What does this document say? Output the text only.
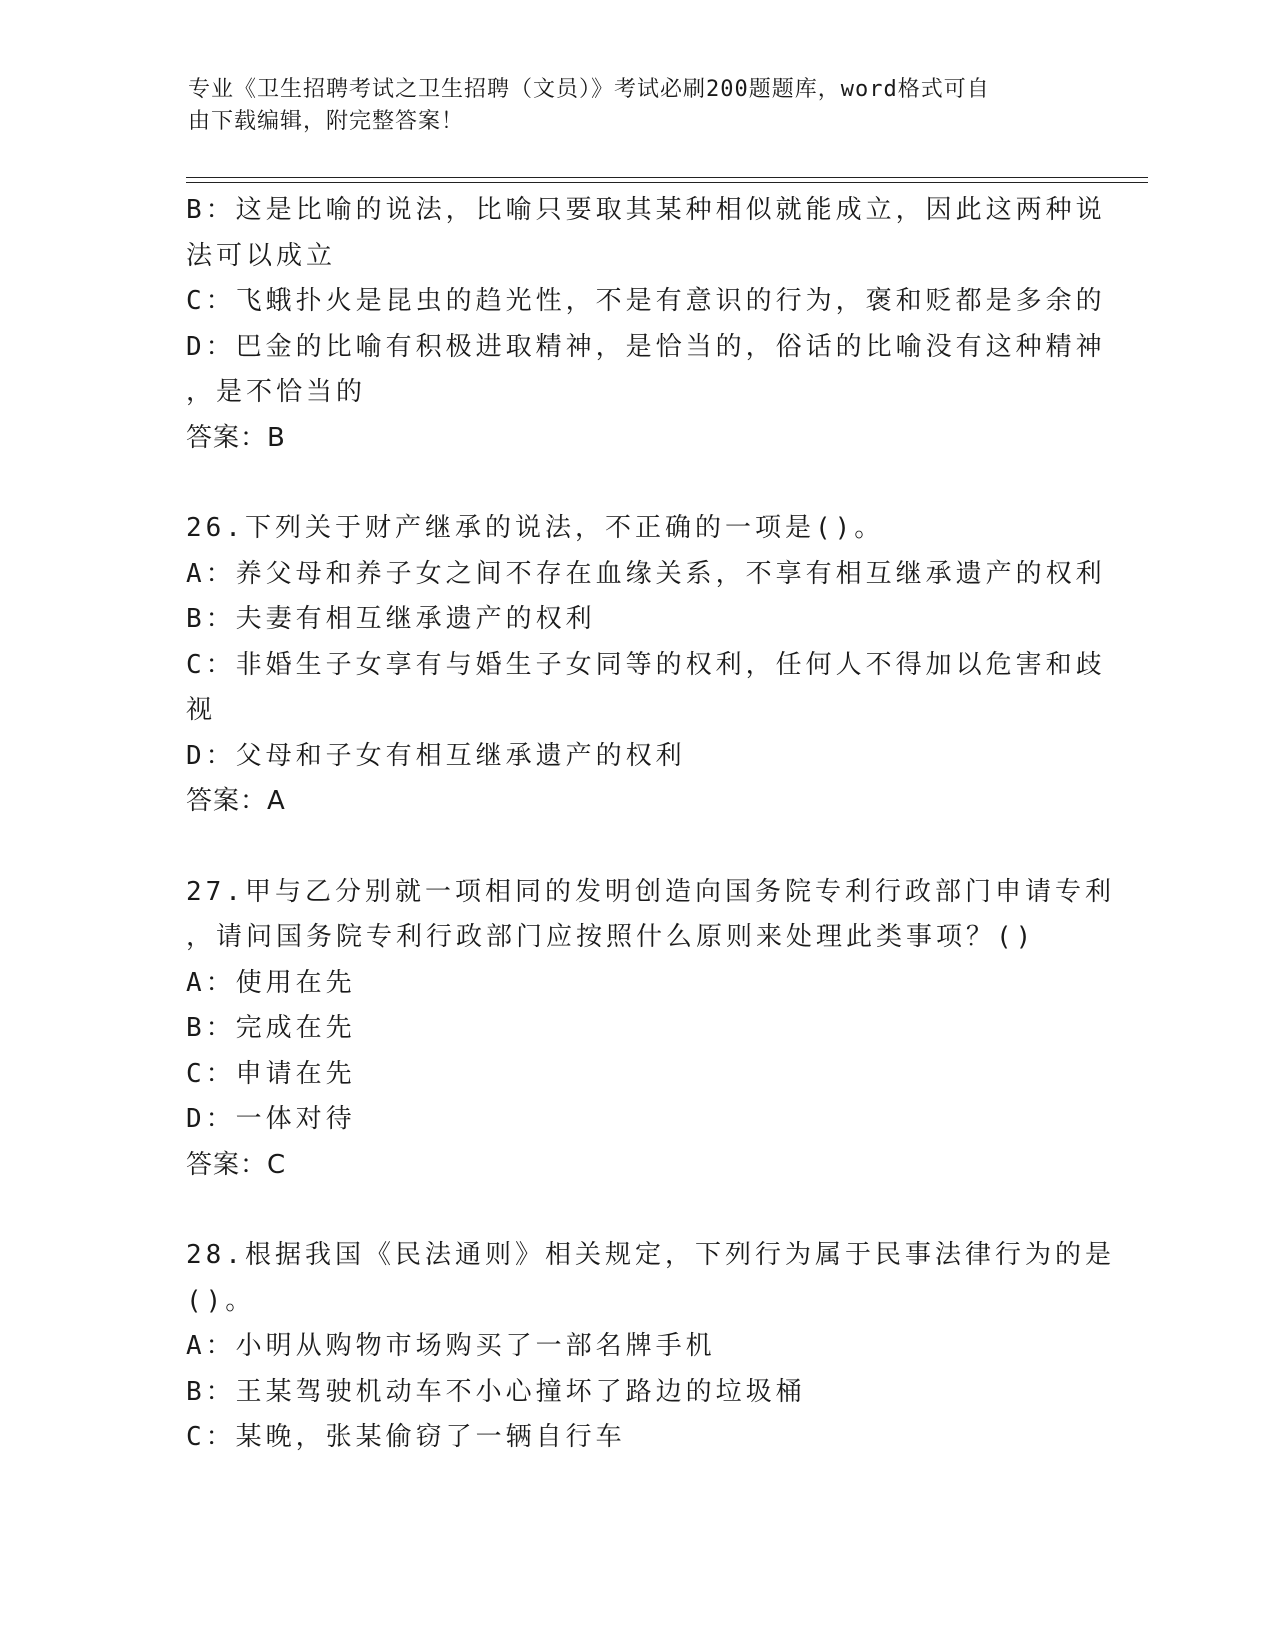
专业《卫生招聘考试之卫生招聘（文员）》考试必刷200题题库，word格式可自
由下载编辑，附完整答案！
B：这是比喻的说法，比喻只要取其某种相似就能成立，因此这两种说
法可以成立
C：飞蛾扑火是昆虫的趋光性，不是有意识的行为，褒和贬都是多余的
D：巴金的比喻有积极进取精神，是恰当的，俗话的比喻没有这种精神
，是不恰当的
答案：B
26.下列关于财产继承的说法，不正确的一项是()。
A：养父母和养子女之间不存在血缘关系，不享有相互继承遗产的权利
B：夫妻有相互继承遗产的权利
C：非婚生子女享有与婚生子女同等的权利，任何人不得加以危害和歧
视
D：父母和子女有相互继承遗产的权利
答案：A
27.甲与乙分别就一项相同的发明创造向国务院专利行政部门申请专利
，请问国务院专利行政部门应按照什么原则来处理此类事项？()
A：使用在先
B：完成在先
C：申请在先
D：一体对待
答案：C
28.根据我国《民法通则》相关规定，下列行为属于民事法律行为的是
()。
A：小明从购物市场购买了一部名牌手机
B：王某驾驶机动车不小心撞坏了路边的垃圾桶
C：某晚，张某偷窃了一辆自行车
